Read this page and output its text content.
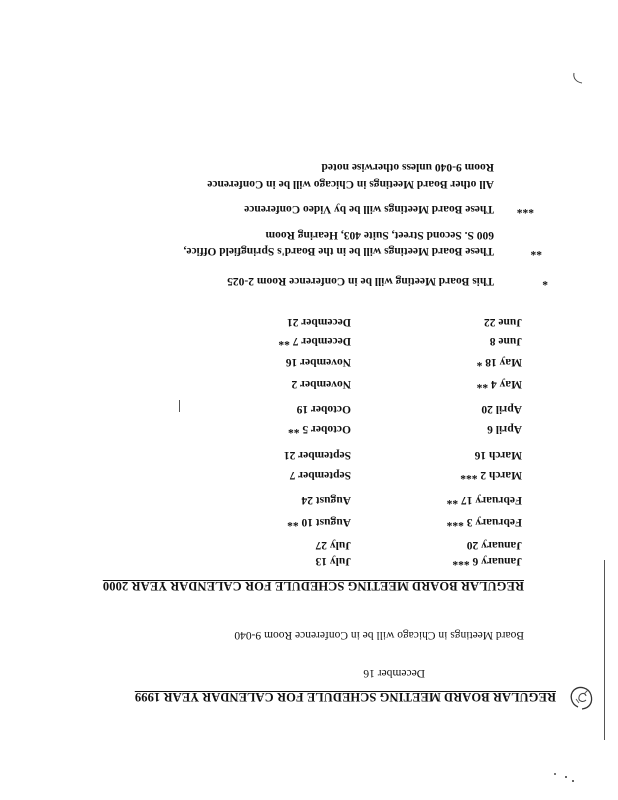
REGULAR BOARD MEETING SCHEDULE FOR CALENDAR YEAR 1999
December 16
Board Meetings in Chicago will be in Conference Room 9-040
REGULAR BOARD MEETING SCHEDULE FOR CALENDAR YEAR 2000
January 6 ***
July 13
January 20
July 27
February 3 ***
August 10 **
February 17 **
August 24
March 2 ***
September 7
March 16
September 21
April 6
October 5 **
April 20
October 19
May 4 **
November 2
May 18 *
November 16
June 8
December 7 **
June 22
December 21
*
This Board Meeting will be in Conference Room 2-025
**
These Board Meetings will be in the Board's Springfield Office,
600 S. Second Street, Suite 403, Hearing Room
***
These Board Meetings will be by Video Conference
All other Board Meetings in Chicago will be in Conference
Room 9-040 unless otherwise noted
